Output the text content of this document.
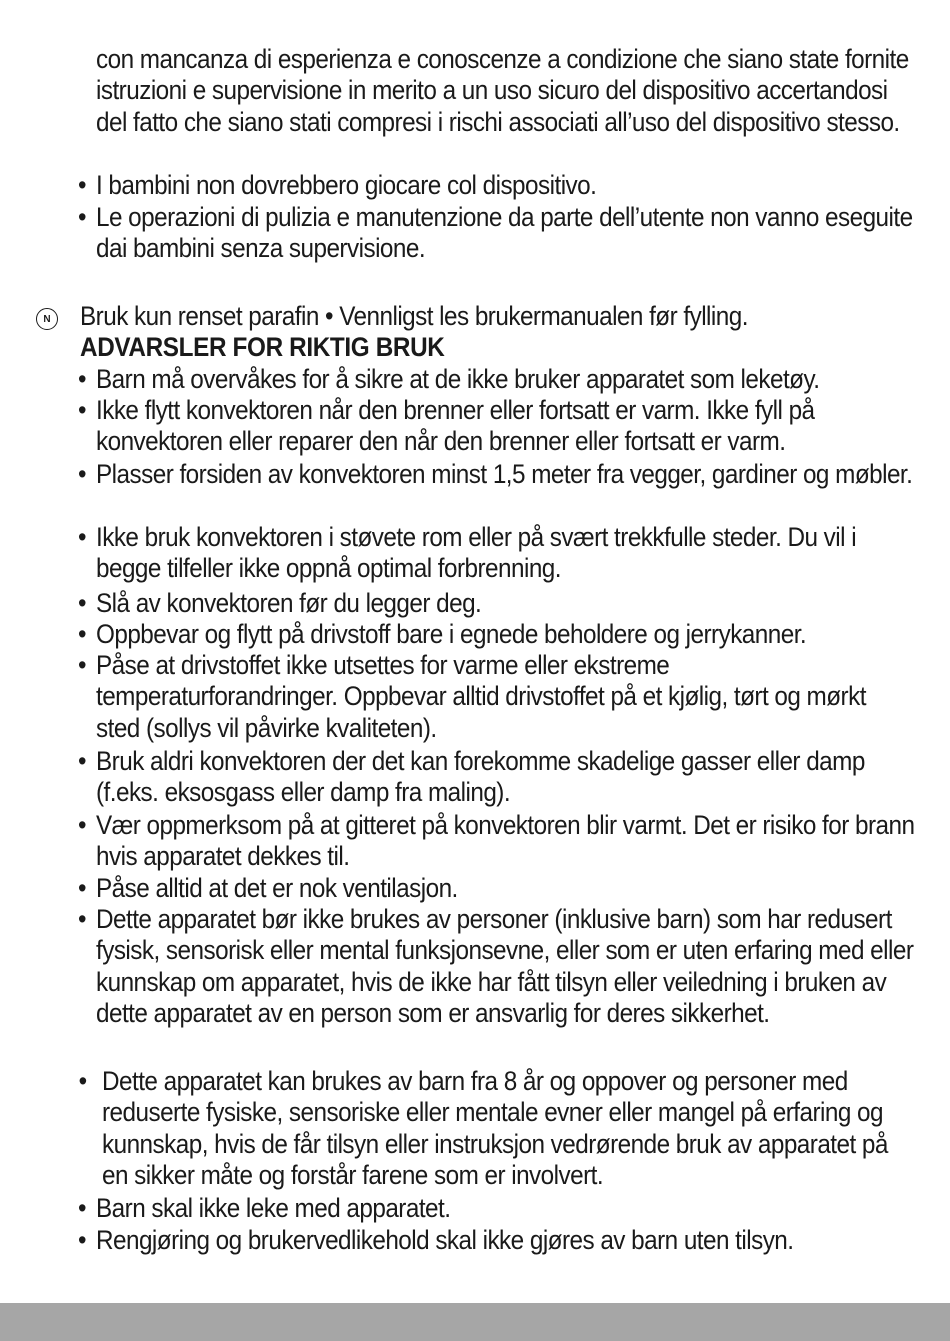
con mancanza di esperienza e conoscenze a condizione che siano state fornite istruzioni e supervisione in merito a un uso sicuro del dispositivo accertandosi del fatto che siano stati compresi i rischi associati all’uso del dispositivo stesso.
• I bambini non dovrebbero giocare col dispositivo.
• Le operazioni di pulizia e manutenzione da parte dell’utente non vanno eseguite dai bambini senza supervisione.
N Bruk kun renset parafin • Vennligst les brukermanualen før fylling.
ADVARSLER FOR RIKTIG BRUK
• Barn må overvåkes for å sikre at de ikke bruker apparatet som leketøy.
• Ikke flytt konvektoren når den brenner eller fortsatt er varm. Ikke fyll på konvektoren eller reparer den når den brenner eller fortsatt er varm.
• Plasser forsiden av konvektoren minst 1,5 meter fra vegger, gardiner og møbler.
• Ikke bruk konvektoren i støvete rom eller på svært trekkfulle steder. Du vil i begge tilfeller ikke oppnå optimal forbrenning.
• Slå av konvektoren før du legger deg.
• Oppbevar og flytt på drivstoff bare i egnede beholdere og jerrykanner.
• Påse at drivstoffet ikke utsettes for varme eller ekstreme temperaturforandringer. Oppbevar alltid drivstoffet på et kjølig, tørt og mørkt sted (sollys vil påvirke kvaliteten).
• Bruk aldri konvektoren der det kan forekomme skadelige gasser eller damp (f.eks. eksosgass eller damp fra maling).
• Vær oppmerksom på at gitteret på konvektoren blir varmt. Det er risiko for brann hvis apparatet dekkes til.
• Påse alltid at det er nok ventilasjon.
• Dette apparatet bør ikke brukes av personer (inklusive barn) som har redusert fysisk, sensorisk eller mental funksjonsevne, eller som er uten erfaring med eller kunnskap om apparatet, hvis de ikke har fått tilsyn eller veiledning i bruken av dette apparatet av en person som er ansvarlig for deres sikkerhet.
• Dette apparatet kan brukes av barn fra 8 år og oppover og personer med reduserte fysiske, sensoriske eller mentale evner eller mangel på erfaring og kunnskap, hvis de får tilsyn eller instruksjon vedrørende bruk av apparatet på en sikker måte og forstår farene som er involvert.
• Barn skal ikke leke med apparatet.
• Rengjøring og brukervedlikehold skal ikke gjøres av barn uten tilsyn.
